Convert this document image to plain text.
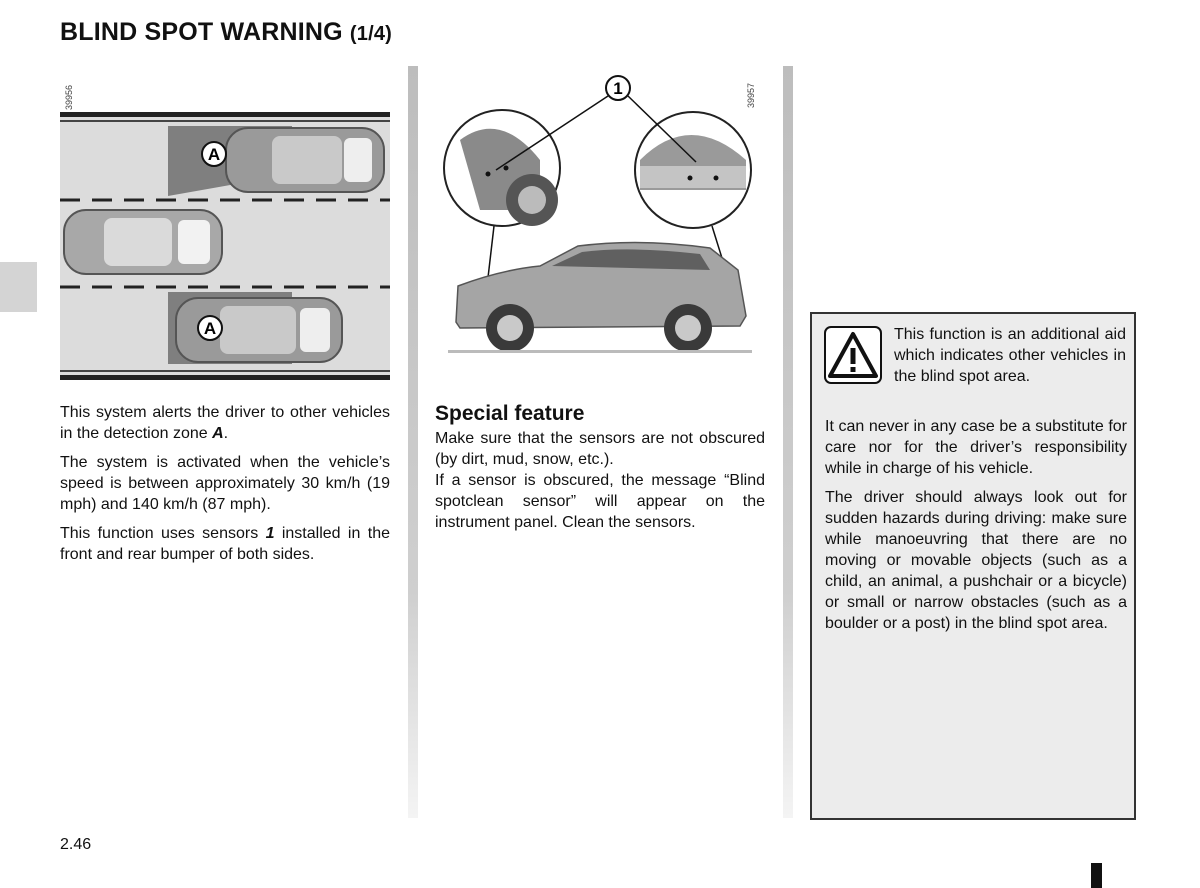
BLIND SPOT WARNING (1/4)
39956
A
A
39957
1

This system alerts the driver to other vehicles in the detection zone A.

The system is activated when the vehicle’s speed is between approximately 30 km/h (19 mph) and 140 km/h (87 mph).

This function uses sensors 1 installed in the front and rear bumper of both sides.

Special feature

Make sure that the sensors are not obscured (by dirt, mud, snow, etc.).

If a sensor is obscured, the message “Blind spotclean sensor” will appear on the instrument panel. Clean the sensors.

This function is an additional aid which indicates other vehicles in the blind spot area.

It can never in any case be a substitute for care nor for the driver’s responsibility while in charge of his vehicle.

The driver should always look out for sudden hazards during driving: make sure while manoeuvring that there are no moving or movable objects (such as a child, an animal, a pushchair or a bicycle) or small or narrow obstacles (such as a boulder or a post) in the blind spot area.

2.46
